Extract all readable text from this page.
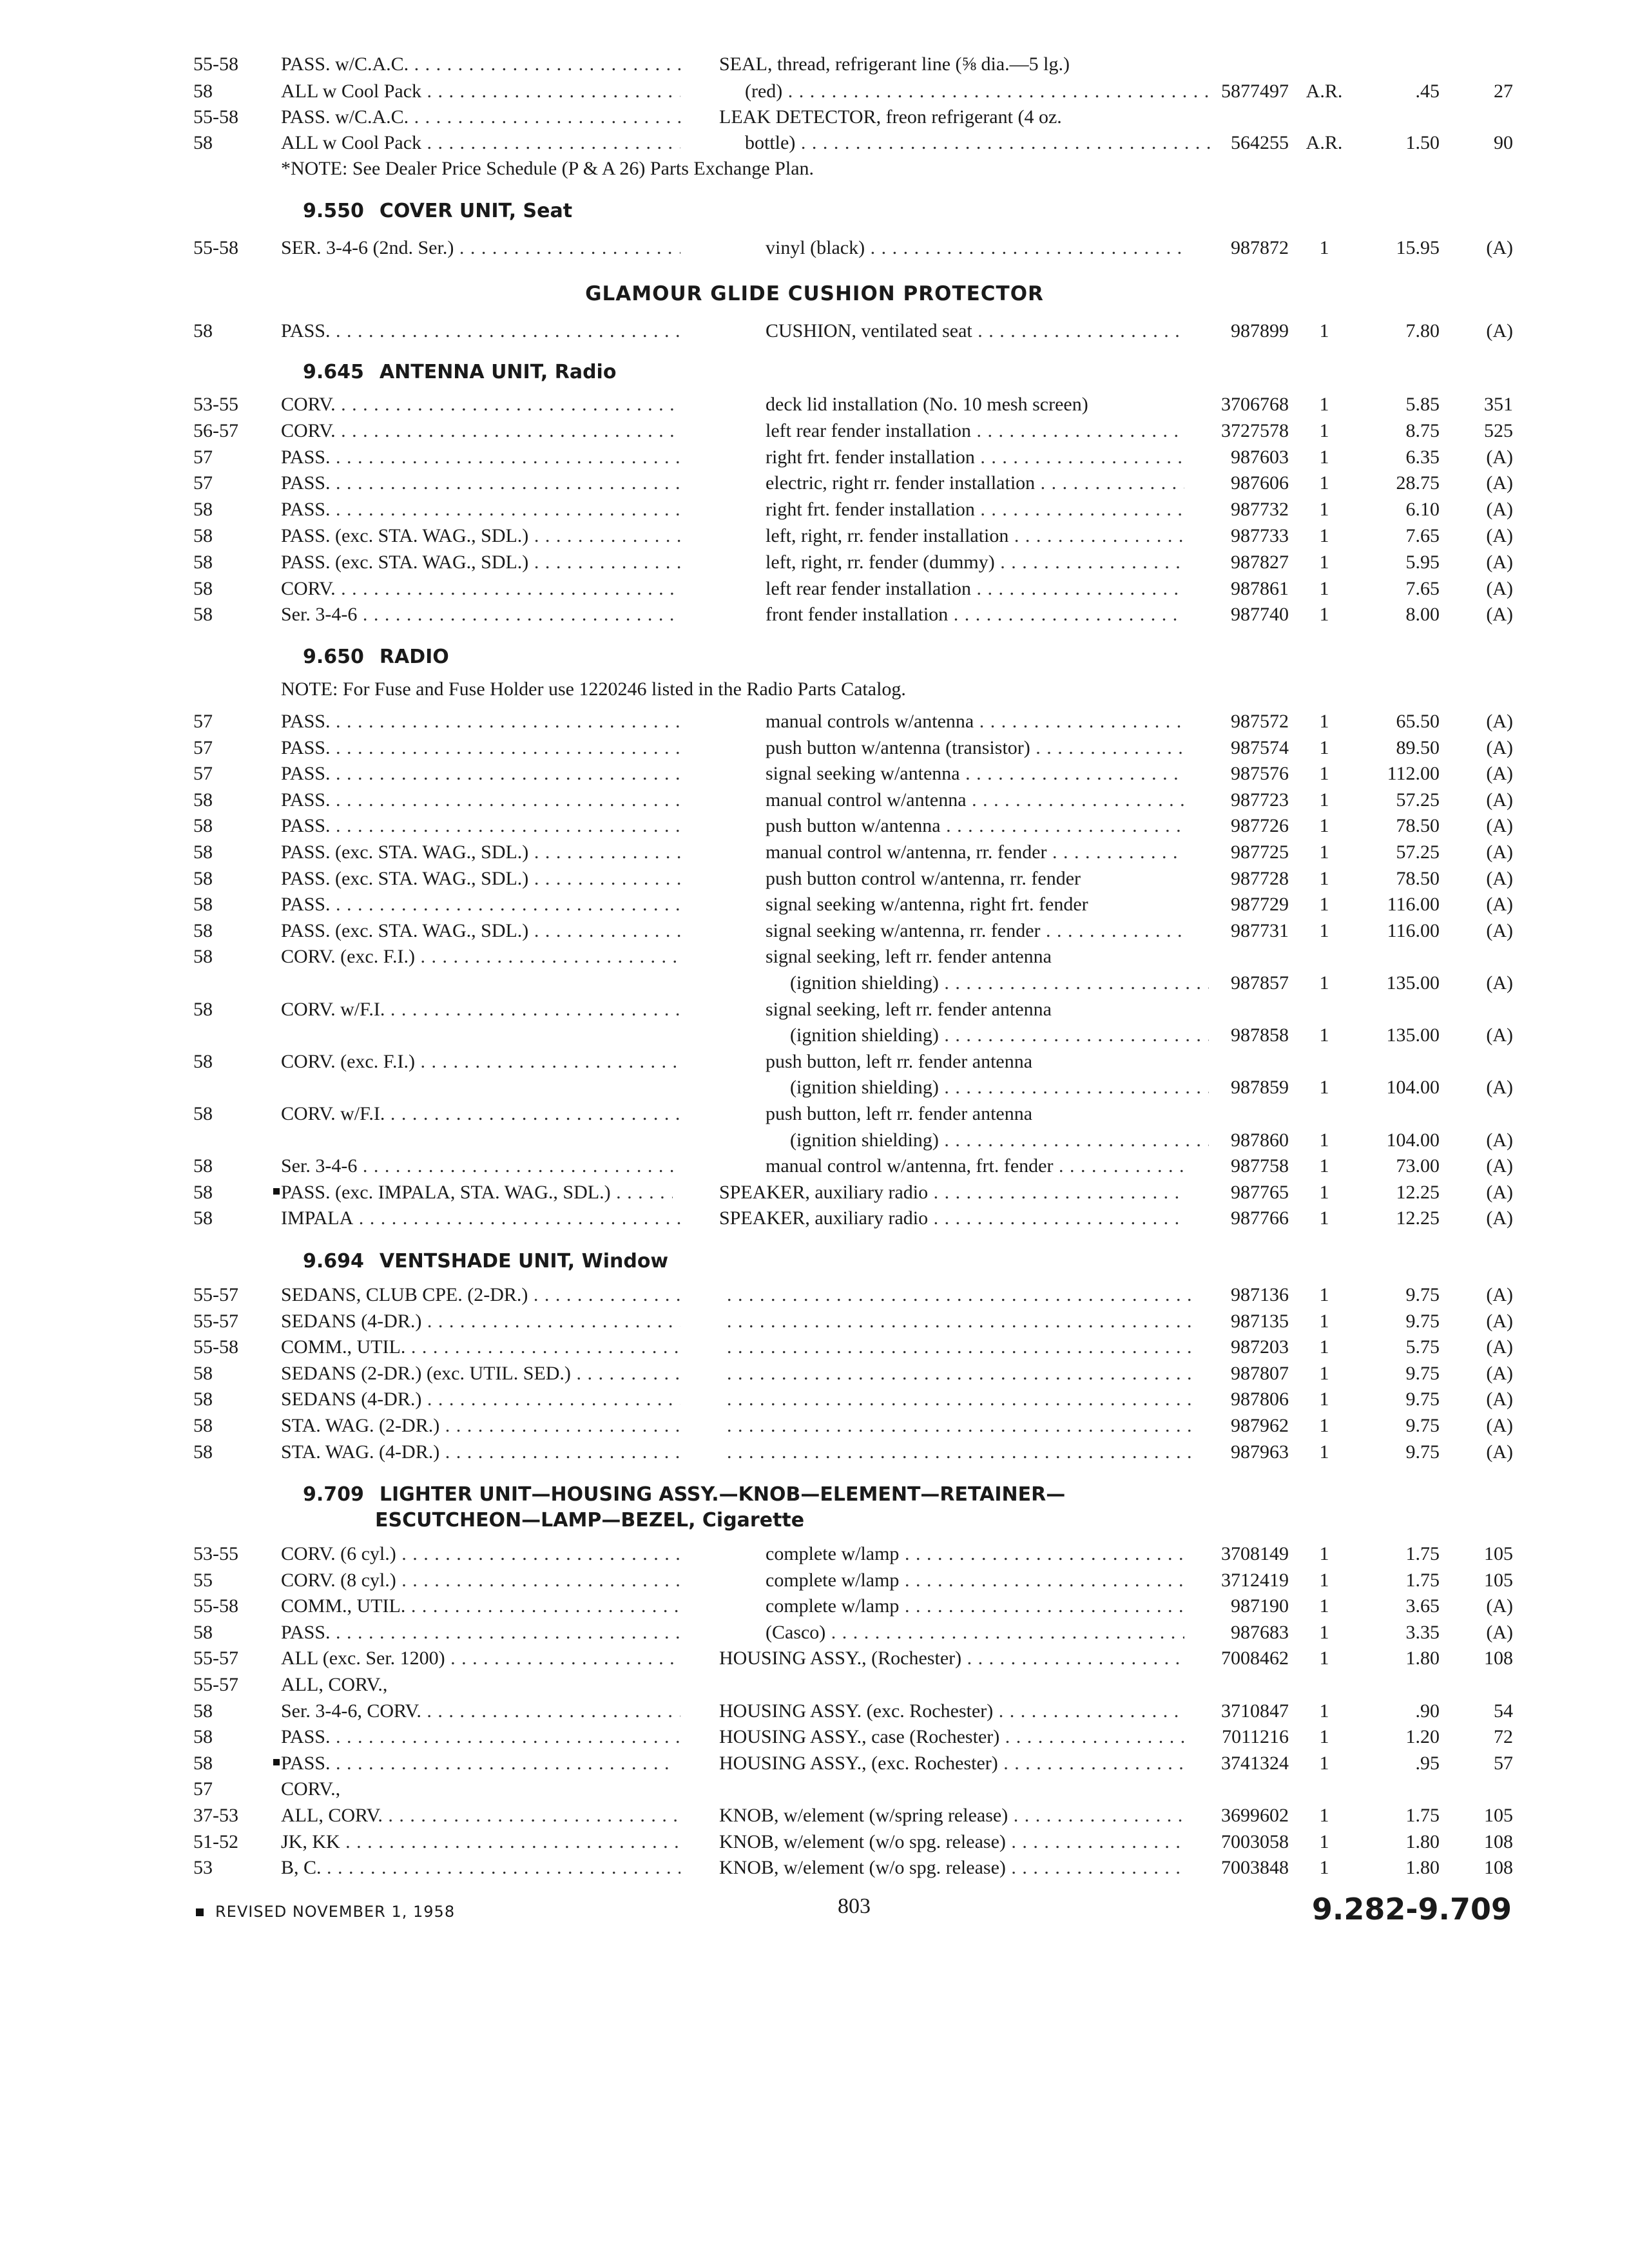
55-58 PASS. w/C.A.C. . . .	SEAL, thread, refrigerant line (⅝ dia.—5 lg.)
58	ALL w Cool Pack . . .	(red) . . .	5877497 A.R.	.45	27
55-58 PASS. w/C.A.C. . . .	LEAK DETECTOR, freon refrigerant (4 oz.
58	ALL w Cool Pack . . .	bottle) . . .	564255 A.R.	1.50	90
55-58 SER. 3-4-6 (2nd. Ser.) . . .	vinyl (black) . . .	987872	1	15.95 (A)
58	PASS. . . .	CUSHION, ventilated seat . . .	987899	1	7.80 (A)
53-55 CORV. . . .	deck lid installation (No. 10 mesh screen)	3706768	1	5.85 351
56-57 CORV. . . .	left rear fender installation . . .	3727578	1	8.75 525
57	PASS. . . .	right frt. fender installation . . .	987603	1	6.35 (A)
57	PASS. . . .	electric, right rr. fender installation . . .	987606	1	28.75 (A)
58	PASS. . . .	right frt. fender installation . . .	987732	1	6.10 (A)
58	PASS. (exc. STA. WAG., SDL.) . . .	left, right, rr. fender installation . . .	987733	1	7.65 (A)
58	PASS. (exc. STA. WAG., SDL.) . . .	left, right, rr. fender (dummy) . . .	987827	1	5.95 (A)
58	CORV. . . .	left rear fender installation . . .	987861	1	7.65 (A)
58	Ser. 3-4-6 . . .	front fender installation . . .	987740	1	8.00 (A)
57	PASS. . . .	manual controls w/antenna . . .	987572	1	65.50 (A)
57	PASS. . . .	push button w/antenna (transistor) . . .	987574	1	89.50 (A)
57	PASS. . . .	signal seeking w/antenna . . .	987576	1	112.00 (A)
58	PASS. . . .	manual control w/antenna . . .	987723	1	57.25 (A)
58	PASS. . . .	push button w/antenna . . .	987726	1	78.50 (A)
58	PASS. (exc. STA. WAG., SDL.) . . .	manual control w/antenna, rr. fender . . .	987725	1	57.25 (A)
58	PASS. (exc. STA. WAG., SDL.) . . .	push button control w/antenna, rr. fender	987728	1	78.50 (A)
58	PASS. . . .	signal seeking w/antenna, right frt. fender	987729	1	116.00 (A)
58	PASS. (exc. STA. WAG., SDL.) . . .	signal seeking w/antenna, rr. fender . . .	987731	1	116.00 (A)
58	CORV. (exc. F.I.) . . .	signal seeking, left rr. fender antenna
(ignition shielding) . . .	987857	1	135.00 (A)
58	CORV. w/F.I. . . .	signal seeking, left rr. fender antenna
(ignition shielding) . . .	987858	1	135.00 (A)
58	CORV. (exc. F.I.) . . .	push button, left rr. fender antenna
(ignition shielding) . . .	987859	1	104.00 (A)
58	CORV. w/F.I. . . .	push button, left rr. fender antenna
(ignition shielding) . . .	987860	1	104.00 (A)
58	Ser. 3-4-6 . . .	manual control w/antenna, frt. fender . . .	987758	1	73.00 (A)
58	PASS. (exc. IMPALA, STA. WAG., SDL.) . . .	SPEAKER, auxiliary radio . . .	987765	1	12.25 (A)
58	IMPALA . . .	SPEAKER, auxiliary radio . . .	987766	1	12.25 (A)
55-57 SEDANS, CLUB CPE. (2-DR.) . . . . . .	987136	1	9.75 (A)
55-57 SEDANS (4-DR.) . . . . . .	987135	1	9.75 (A)
55-58 COMM., UTIL. . . . . . .	987203	1	5.75 (A)
58	SEDANS (2-DR.) (exc. UTIL. SED.) . . . . . .	987807	1	9.75 (A)
58	SEDANS (4-DR.) . . . . . .	987806	1	9.75 (A)
58	STA. WAG. (2-DR.) . . . . . .	987962	1	9.75 (A)
58	STA. WAG. (4-DR.) . . . . . .	987963	1	9.75 (A)
53-55 CORV. (6 cyl.) . . .	complete w/lamp . . .	3708149	1	1.75 105
55	CORV. (8 cyl.) . . .	complete w/lamp . . .	3712419	1	1.75 105
55-58 COMM., UTIL. . . .	complete w/lamp . . .	987190	1	3.65 (A)
58	PASS. . . .	(Casco) . . .	987683	1	3.35 (A)
55-57 ALL (exc. Ser. 1200) . . .	HOUSING ASSY., (Rochester) . . .	7008462	1	1.80 108
55-57 ALL, CORV.,
58	Ser. 3-4-6, CORV. . . .	HOUSING ASSY. (exc. Rochester) . . .	3710847	1	.90	54
58	PASS. . . .	HOUSING ASSY., case (Rochester) . . .	7011216	1	1.20	72
58	PASS. . . .	HOUSING ASSY., (exc. Rochester) . . .	3741324	1	.95	57
57	CORV.,
37-53 ALL, CORV. . . .	KNOB, w/element (w/spring release) . . .	3699602	1	1.75 105
51-52 JK, KK . . .	KNOB, w/element (w/o spg. release) . . .	7003058	1	1.80 108
53	B, C. . . .	KNOB, w/element (w/o spg. release) . . .	7003848	1	1.80 108
*NOTE: See Dealer Price Schedule (P & A 26) Parts Exchange Plan.
9.550 COVER UNIT, Seat
GLAMOUR GLIDE CUSHION PROTECTOR
9.645 ANTENNA UNIT, Radio
9.650 RADIO
NOTE: For Fuse and Fuse Holder use 1220246 listed in the Radio Parts Catalog.
9.694 VENTSHADE UNIT, Window
9.709 LIGHTER UNIT—HOUSING ASSY.—KNOB—ELEMENT—RETAINER—
ESCUTCHEON—LAMP—BEZEL, Cigarette
REVISED NOVEMBER 1, 1958	803	9.282-9.709
